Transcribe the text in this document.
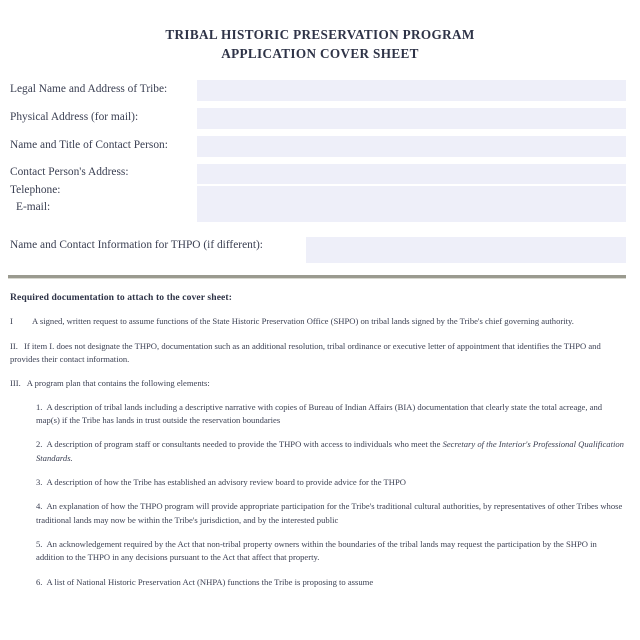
TRIBAL HISTORIC PRESERVATION PROGRAM
APPLICATION COVER SHEET
Legal Name and Address of Tribe:
Physical Address (for mail):
Name and Title of Contact Person:
Contact Person's Address:
Telephone:
E-mail:
Name and Contact Information for THPO (if different):
Required documentation to attach to the cover sheet:
I A signed, written request to assume functions of the State Historic Preservation Office (SHPO) on tribal lands signed by the Tribe's chief governing authority.
II. If item I. does not designate the THPO, documentation such as an additional resolution, tribal ordinance or executive letter of appointment that identifies the THPO and provides their contact information.
III. A program plan that contains the following elements:
1. A description of tribal lands including a descriptive narrative with copies of Bureau of Indian Affairs (BIA) documentation that clearly state the total acreage, and map(s) if the Tribe has lands in trust outside the reservation boundaries
2. A description of program staff or consultants needed to provide the THPO with access to individuals who meet the Secretary of the Interior's Professional Qualification Standards.
3. A description of how the Tribe has established an advisory review board to provide advice for the THPO
4. An explanation of how the THPO program will provide appropriate participation for the Tribe's traditional cultural authorities, by representatives of other Tribes whose traditional lands may now be within the Tribe's jurisdiction, and by the interested public
5. An acknowledgement required by the Act that non-tribal property owners within the boundaries of the tribal lands may request the participation by the SHPO in addition to the THPO in any decisions pursuant to the Act that affect that property.
6. A list of National Historic Preservation Act (NHPA) functions the Tribe is proposing to assume
